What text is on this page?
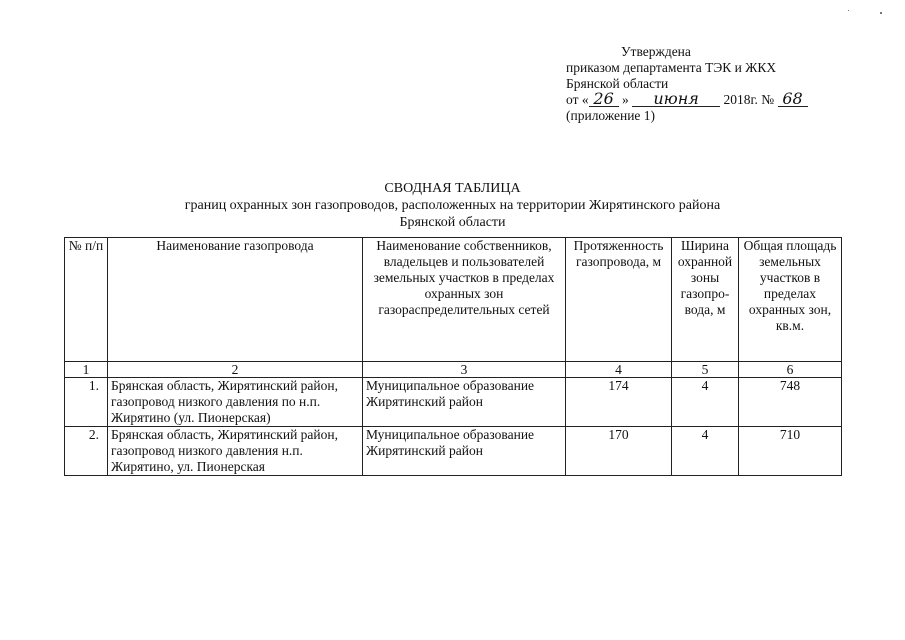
Утверждена
приказом департамента ТЭК и ЖКХ
Брянской области
от « 26 » июня 2018г. № 68
(приложение 1)
СВОДНАЯ ТАБЛИЦА
границ охранных зон газопроводов, расположенных на территории Жирятинского района
Брянской области
№ п/п	Наименование газопровода	Наименование собственников, владельцев и пользователей земельных участков в пределах охранных зон газораспределительных сетей	Протяженность газопровода, м	Ширина охранной зоны газопро-вода, м	Общая площадь земельных участков в пределах охранных зон, кв.м.
1	2	3	4	5	6
1.	Брянская область, Жирятинский район, газопровод низкого давления по н.п. Жирятино (ул. Пионерская)	Муниципальное образование Жирятинский район	174	4	748
2.	Брянская область, Жирятинский район, газопровод низкого давления н.п. Жирятино, ул. Пионерская	Муниципальное образование Жирятинский район	170	4	710
